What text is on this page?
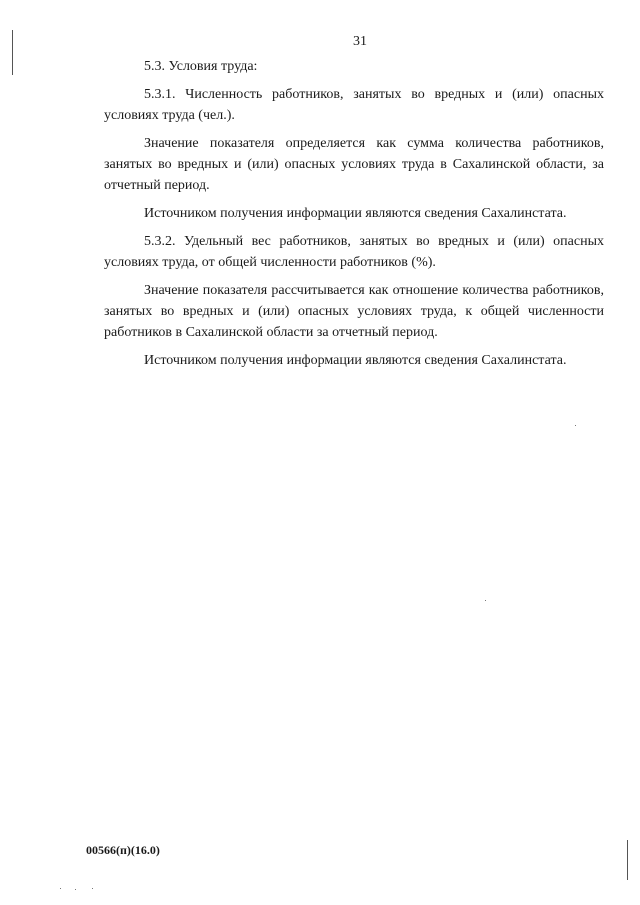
31

5.3. Условия труда:

5.3.1. Численность работников, занятых во вредных и (или) опасных условиях труда (чел.).

Значение показателя определяется как сумма количества работников, занятых во вредных и (или) опасных условиях труда в Сахалинской области, за отчетный период.

Источником получения информации являются сведения Сахалинстата.

5.3.2. Удельный вес работников, занятых во вредных и (или) опасных условиях труда, от общей численности работников (%).

Значение показателя рассчитывается как отношение количества работников, занятых во вредных и (или) опасных условиях труда, к общей численности работников в Сахалинской области за отчетный период.

Источником получения информации являются сведения Сахалинстата.

00566(п)(16.0)
